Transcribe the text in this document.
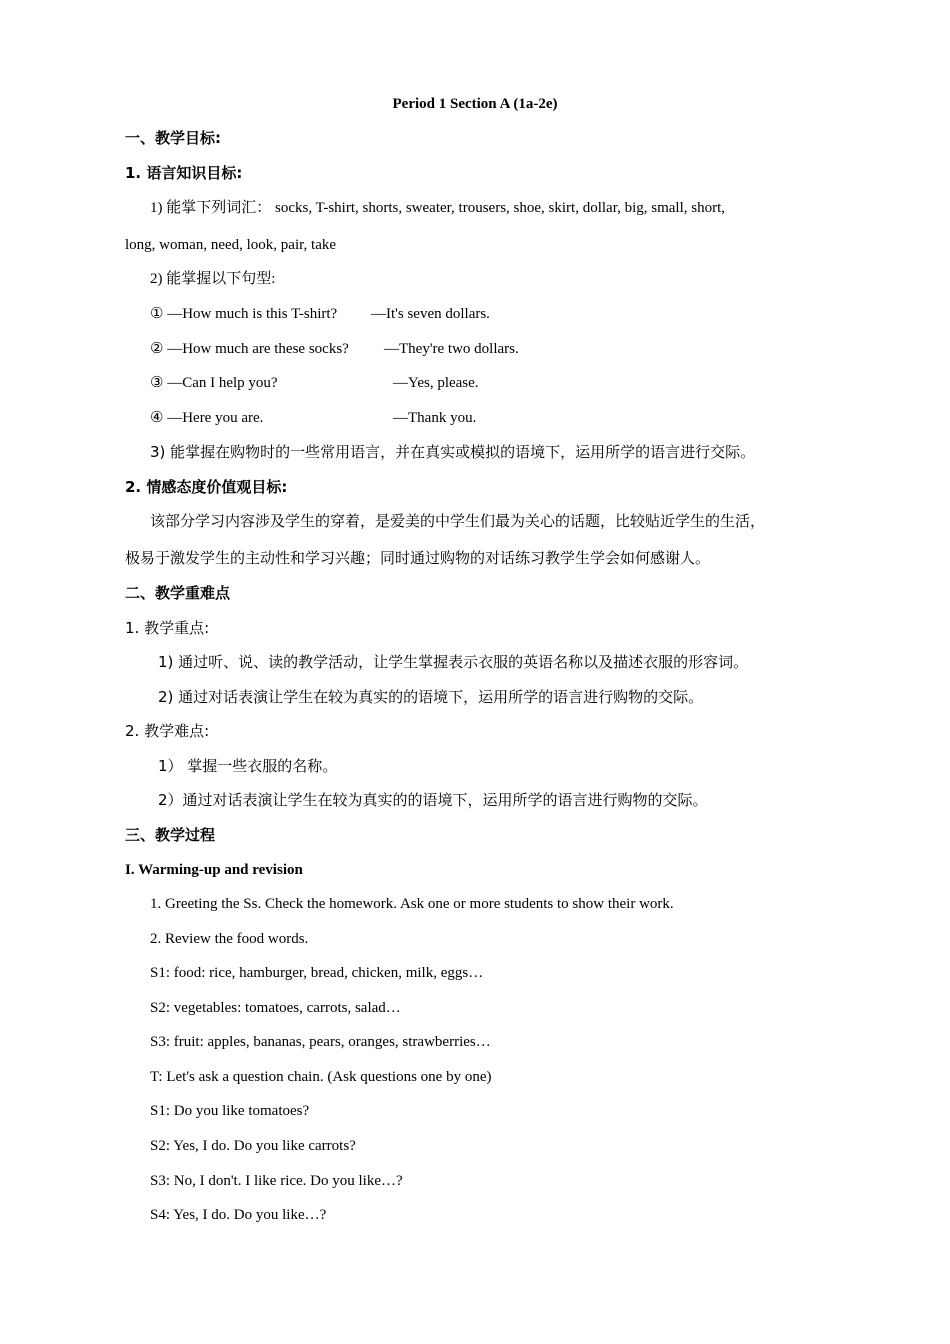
Period 1 Section A (1a-2e)
一、教学目标:
1. 语言知识目标:
1) 能掌下列词汇： socks, T-shirt, shorts, sweater, trousers, shoe, skirt, dollar, big, small, short,
long, woman, need, look, pair, take
2) 能掌握以下句型:
① —How much is this T-shirt? —It's seven dollars.
② —How much are these socks? —They're two dollars.
③ —Can I help you?	—Yes, please.
④ —Here you are.	—Thank you.
3) 能掌握在购物时的一些常用语言，并在真实或模拟的语境下，运用所学的语言进行交际。
2. 情感态度价值观目标:
该部分学习内容涉及学生的穿着，是爱美的中学生们最为关心的话题，比较贴近学生的生活，
极易于激发学生的主动性和学习兴趣；同时通过购物的对话练习教学生学会如何感谢人。
二、教学重难点
1. 教学重点:
1) 通过听、说、读的教学活动，让学生掌握表示衣服的英语名称以及描述衣服的形容词。
2) 通过对话表演让学生在较为真实的的语境下，运用所学的语言进行购物的交际。
2. 教学难点:
1） 掌握一些衣服的名称。
2）通过对话表演让学生在较为真实的的语境下，运用所学的语言进行购物的交际。
三、教学过程
I. Warming-up and revision
1. Greeting the Ss. Check the homework. Ask one or more students to show their work.
2. Review the food words.
S1: food: rice, hamburger, bread, chicken, milk, eggs…
S2: vegetables: tomatoes, carrots, salad…
S3: fruit: apples, bananas, pears, oranges, strawberries…
T: Let's ask a question chain. (Ask questions one by one)
S1: Do you like tomatoes?
S2: Yes, I do. Do you like carrots?
S3: No, I don't. I like rice. Do you like…?
S4: Yes, I do. Do you like…?
